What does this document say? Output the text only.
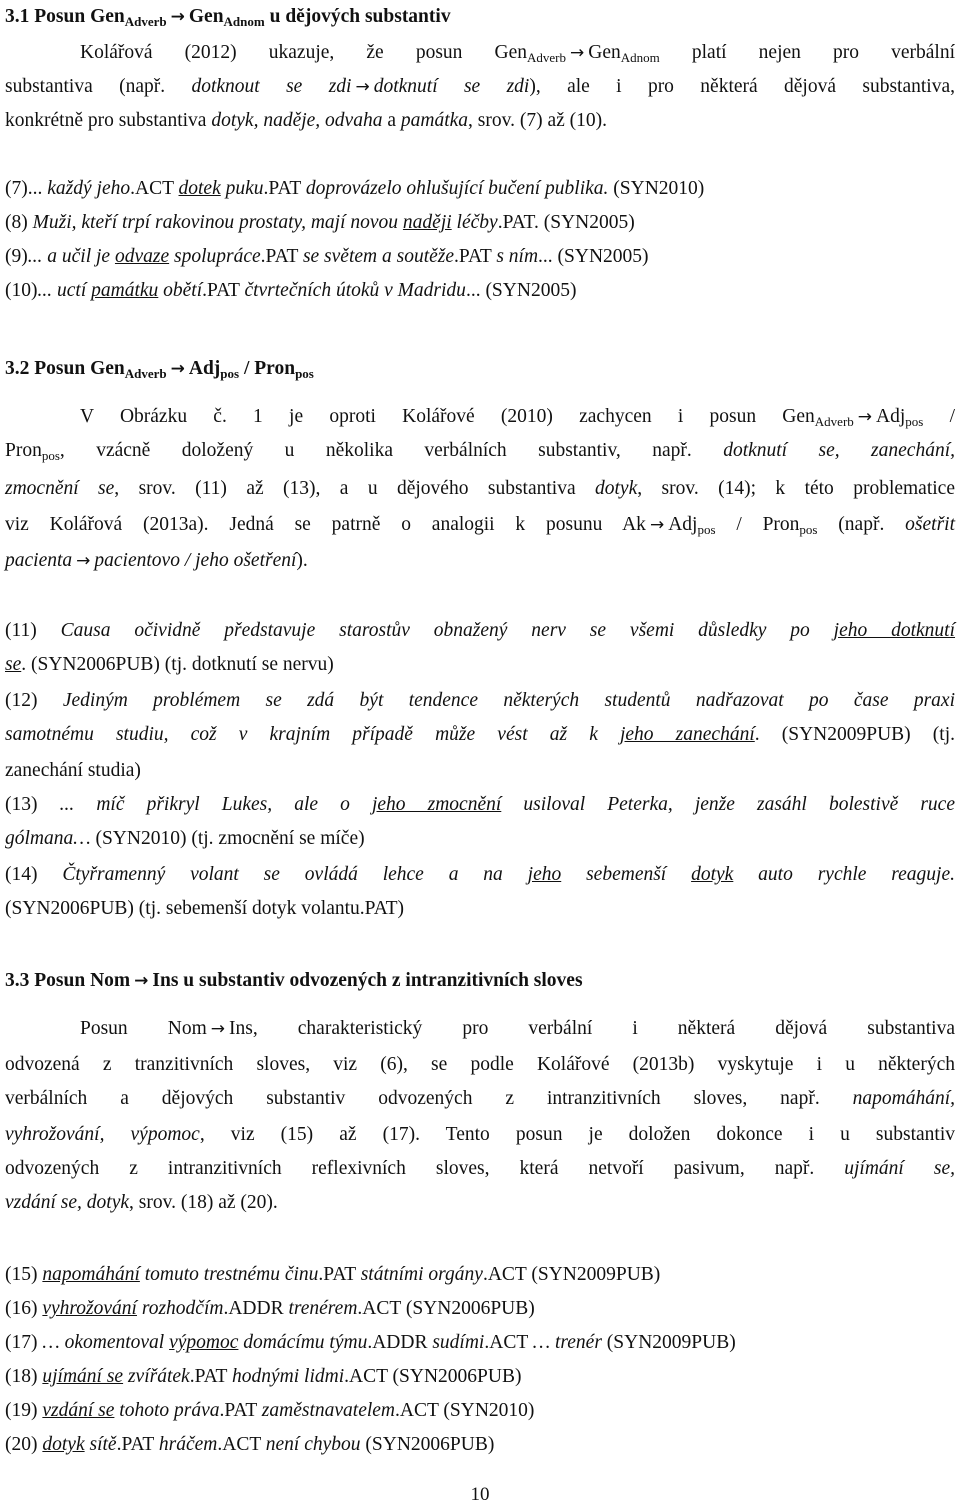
3.1 Posun Gen$_{Adverb}$ → Gen$_{Adnom}$ u dějových substantiv
Kolářová (2012) ukazuje, že posun Gen$_{Adverb}$ → Gen$_{Adnom}$ platí nejen pro verbální
substantiva (např. dotknout se zdi → dotknutí se zdi), ale i pro některá dějová substantiva,
konkrétně pro substantiva dotyk, naděje, odvaha a památka, srov. (7) až (10).
(7)... každý jeho.ACT dotek puku.PAT doprovázelo ohlušující bučení publika. (SYN2010)
(8) Muži, kteří trpí rakovinou prostaty, mají novou naději léčby.PAT. (SYN2005)
(9)... a učil je odvaze spolupráce.PAT se světem a soutěže.PAT s ním... (SYN2005)
(10)... uctí památku obětí.PAT čtvrtečních útoků v Madridu... (SYN2005)
3.2 Posun Gen$_{Adverb}$ → Adj$_{pos}$ / Pron$_{pos}$
V Obrázku č. 1 je oproti Kolářové (2010) zachycen i posun Gen$_{Adverb}$ → Adj$_{pos}$ /
Pron$_{pos}$, vzácně doložený u několika verbálních substantiv, např. dotknutí se, zanechání,
zmocnění se, srov. (11) až (13), a u dějového substantiva dotyk, srov. (14); k této problematice
viz Kolářová (2013a). Jedná se patrně o analogii k posunu Ak → Adj$_{pos}$ / Pron$_{pos}$ (např. ošetřit
pacienta → pacientovo / jeho ošetření).
(11) Causa očividně představuje starostův obnažený nerv se všemi důsledky po jeho dotknutí
se. (SYN2006PUB) (tj. dotknutí se nervu)
(12) Jediným problémem se zdá být tendence některých studentů nadřazovat po čase praxi
samotnému studiu, což v krajním případě může vést až k jeho zanechání. (SYN2009PUB) (tj.
zanechání studia)
(13) ... míč přikryl Lukes, ale o jeho zmocnění usiloval Peterka, jenže zasáhl bolestivě ruce
gólmana… (SYN2010) (tj. zmocnění se míče)
(14) Čtyřramenný volant se ovládá lehce a na jeho sebemenší dotyk auto rychle reaguje.
(SYN2006PUB) (tj. sebemenší dotyk volantu.PAT)
3.3 Posun Nom → Ins u substantiv odvozených z intranzitivních sloves
Posun Nom → Ins, charakteristický pro verbální i některá dějová substantiva
odvozená z tranzitivních sloves, viz (6), se podle Kolářové (2013b) vyskytuje i u některých
verbálních a dějových substantiv odvozených z intranzitivních sloves, např. napomáhání,
vyhrožování, výpomoc, viz (15) až (17). Tento posun je doložen dokonce i u substantiv
odvozených z intranzitivních reflexivních sloves, která netvoří pasivum, např. ujímání se,
vzdání se, dotyk, srov. (18) až (20).
(15) napomáhání tomuto trestnému činu.PAT státními orgány.ACT (SYN2009PUB)
(16) vyhrožování rozhodčím.ADDR trenérem.ACT (SYN2006PUB)
(17) … okomentoval výpomoc domácímu týmu.ADDR sudími.ACT … trenér (SYN2009PUB)
(18) ujímání se zvířátek.PAT hodnými lidmi.ACT (SYN2006PUB)
(19) vzdání se tohoto práva.PAT zaměstnavatelem.ACT (SYN2010)
(20) dotyk sítě.PAT hráčem.ACT není chybou (SYN2006PUB)
10
